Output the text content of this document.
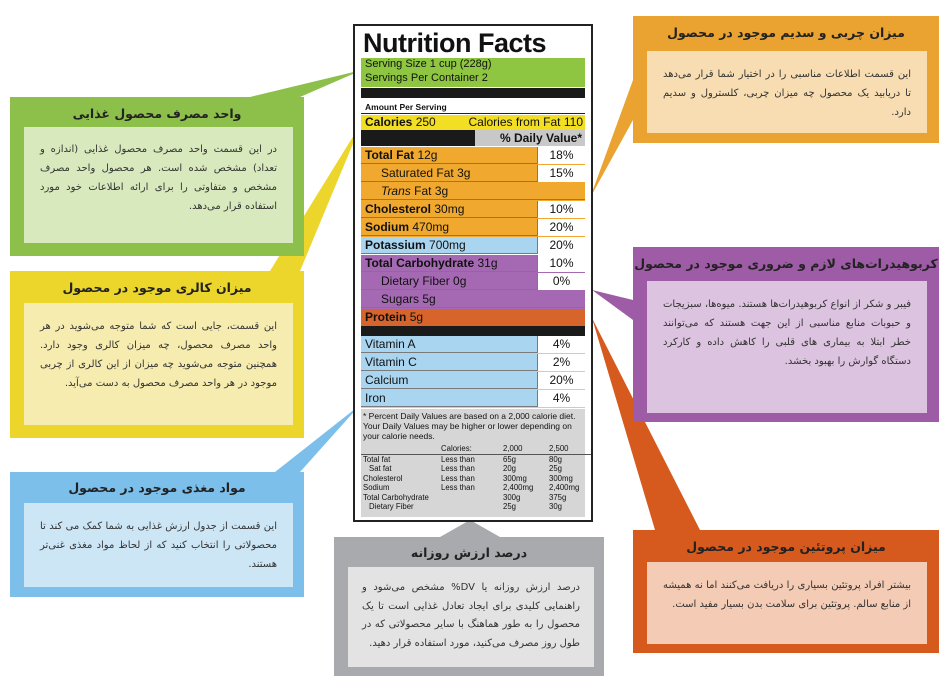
واحد مصرف محصول غذایی
در این قسمت واحد مصرف محصول غذایی (اندازه و تعداد) مشخص شده است. هر محصول واحد مصرف مشخص و متفاوتی را برای ارائه اطلاعات خود مورد استفاده قرار می‌دهد.
میزان کالری موجود در محصول
این قسمت، جایی است که شما متوجه می‌شوید در هر واحد مصرف محصول، چه میزان کالری وجود دارد. همچنین متوجه می‌شوید چه میزان از این کالری از چربی موجود در هر واحد مصرف محصول به دست می‌آید.
مواد مغذی موجود در محصول
این قسمت از جدول ارزش غذایی به شما کمک می کند تا محصولاتی را انتخاب کنید که از لحاظ مواد مغذی غنی‌تر هستند.
درصد ارزش روزانه
درصد ارزش روزانه یا DV% مشخص می‌شود و راهنمایی کلیدی برای ایجاد تعادل غذایی است تا یک محصول را به طور هماهنگ با سایر محصولاتی که در طول روز مصرف می‌کنید، مورد استفاده قرار دهید.
میزان چربی و سدیم موجود در محصول
این قسمت اطلاعات مناسبی را در اختیار شما قرار می‌دهد تا دریابید یک محصول چه میزان چربی، کلسترول و سدیم دارد.
کربوهیدرات‌های لازم و ضروری موجود در محصول
فیبر و شکر از انواع کربوهیدرات‌ها هستند. میوه‌ها، سبزیجات و حبوبات منابع مناسبی از این جهت هستند که می‌توانند خطر ابتلا به بیماری های قلبی را کاهش داده و کارکرد دستگاه گوارش را بهبود بخشد.
میزان پروتئین موجود در محصول
بیشتر افراد پروتئین بسیاری را دریافت می‌کنند اما نه همیشه از منابع سالم. پروتئین برای سلامت بدن بسیار مفید است.
Nutrition Facts
Serving Size 1 cup (228g)
Servings Per Container 2
Amount Per Serving
Calories 250	Calories from Fat 110
% Daily Value*
Total Fat 12g	18%
Saturated Fat 3g	15%
Trans Fat 3g
Cholesterol 30mg	10%
Sodium 470mg	20%
Potassium 700mg	20%
Total Carbohydrate 31g	10%
Dietary Fiber 0g	0%
Sugars 5g
Protein 5g
Vitamin A	4%
Vitamin C	2%
Calcium	20%
Iron	4%
* Percent Daily Values are based on a 2,000 calorie diet. Your Daily Values may be higher or lower depending on your calorie needs.
	Calories:	2,000	2,500
Total fat	Less than	65g	80g
Sat fat	Less than	20g	25g
Cholesterol	Less than	300mg	300mg
Sodium	Less than	2,400mg	2,400mg
Total Carbohydrate		300g	375g
Dietary Fiber		25g	30g
